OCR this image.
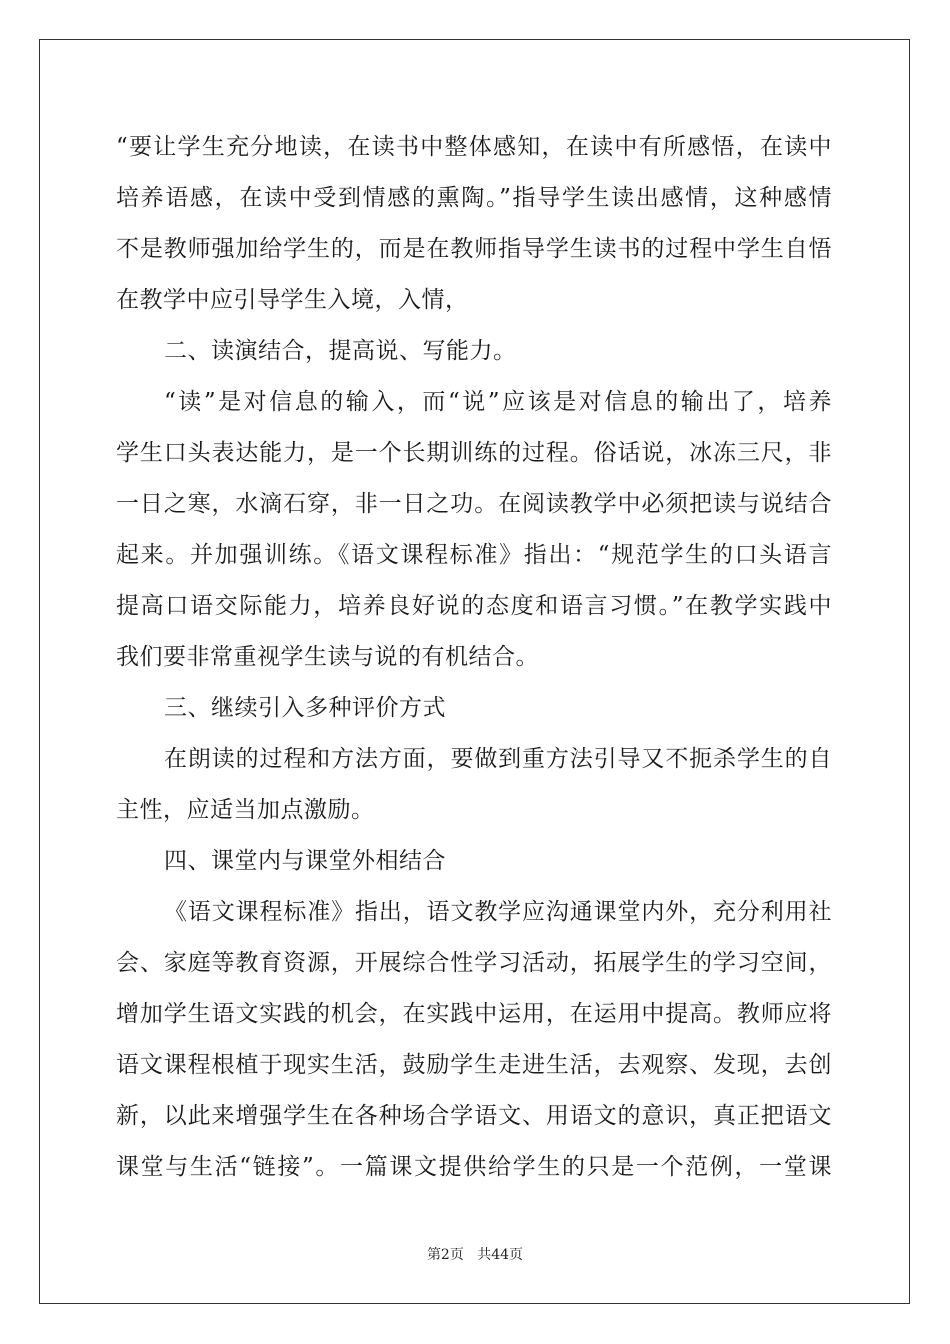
“要让学生充分地读，在读书中整体感知，在读中有所感悟，在读中
培养语感，在读中受到情感的熏陶。”指导学生读出感情，这种感情
不是教师强加给学生的，而是在教师指导学生读书的过程中学生自悟
在教学中应引导学生入境，入情，
二、读演结合，提高说、写能力。
“读”是对信息的输入，而“说”应该是对信息的输出了，培养
学生口头表达能力，是一个长期训练的过程。俗话说，冰冻三尺，非
一日之寒，水滴石穿，非一日之功。在阅读教学中必须把读与说结合
起来。并加强训练。《语文课程标准》指出：“规范学生的口头语言
提高口语交际能力，培养良好说的态度和语言习惯。”在教学实践中
我们要非常重视学生读与说的有机结合。
三、继续引入多种评价方式
在朗读的过程和方法方面，要做到重方法引导又不扼杀学生的自
主性，应适当加点激励。
四、课堂内与课堂外相结合
《语文课程标准》指出，语文教学应沟通课堂内外，充分利用社
会、家庭等教育资源，开展综合性学习活动，拓展学生的学习空间，
增加学生语文实践的机会，在实践中运用，在运用中提高。教师应将
语文课程根植于现实生活，鼓励学生走进生活，去观察、发现，去创
新，以此来增强学生在各种场合学语文、用语文的意识，真正把语文
课堂与生活“链接”。一篇课文提供给学生的只是一个范例，一堂课
第2页 共44页
